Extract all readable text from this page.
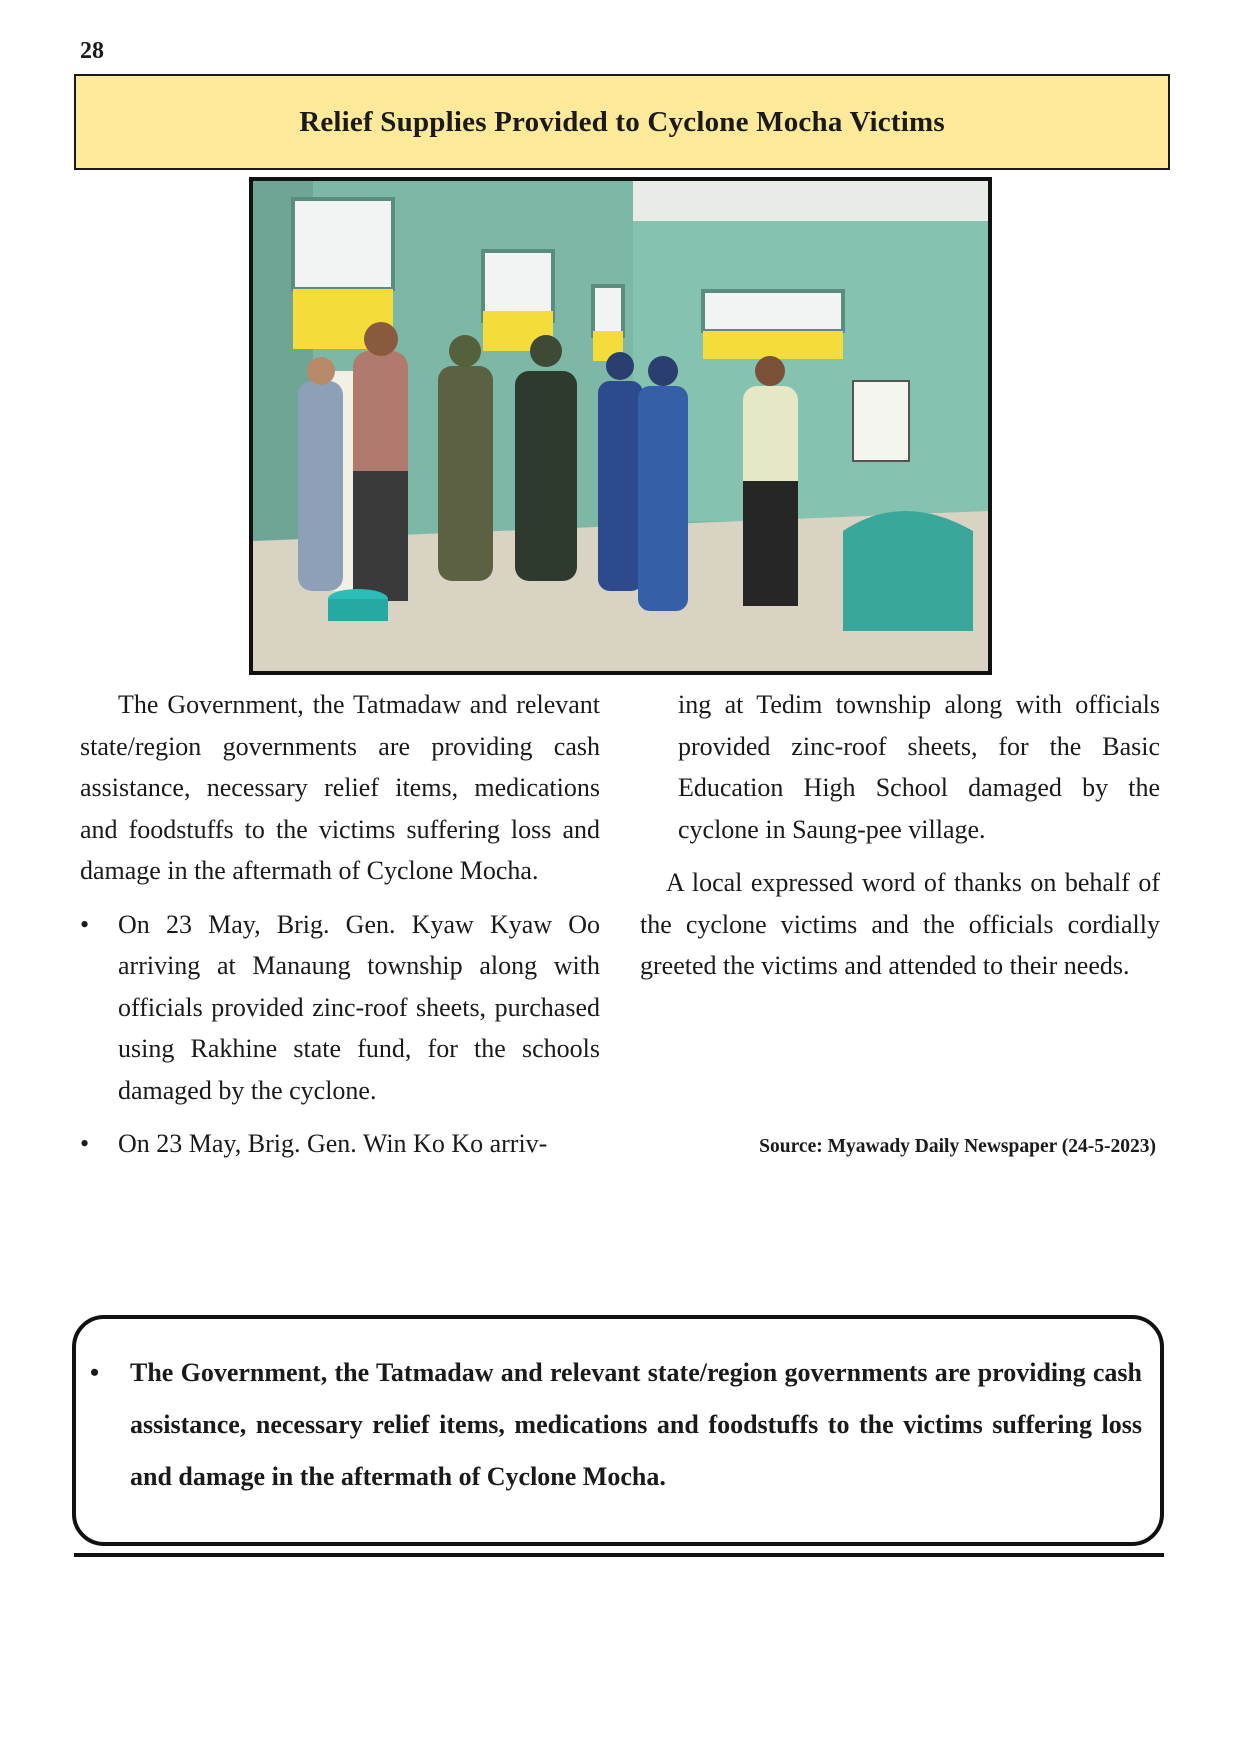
28
Relief Supplies Provided to Cyclone Mocha Victims

The Government, the Tatmadaw and relevant state/region governments are providing cash assistance, necessary relief items, medications and foodstuffs to the victims suffering loss and damage in the aftermath of Cyclone Mocha.

• On 23 May, Brig. Gen. Kyaw Kyaw Oo arriving at Manaung township along with officials provided zinc-roof sheets, purchased using Rakhine state fund, for the schools damaged by the cyclone.
• On 23 May, Brig. Gen. Win Ko Ko arriv-

ing at Tedim township along with officials provided zinc-roof sheets, for the Basic Education High School damaged by the cyclone in Saung-pee village.

A local expressed word of thanks on behalf of the cyclone victims and the officials cordially greeted the victims and attended to their needs.

Source: Myawady Daily Newspaper (24-5-2023)
• The Government, the Tatmadaw and relevant state/region governments are providing cash assistance, necessary relief items, medications and foodstuffs to the victims suffering loss and damage in the aftermath of Cyclone Mocha.
